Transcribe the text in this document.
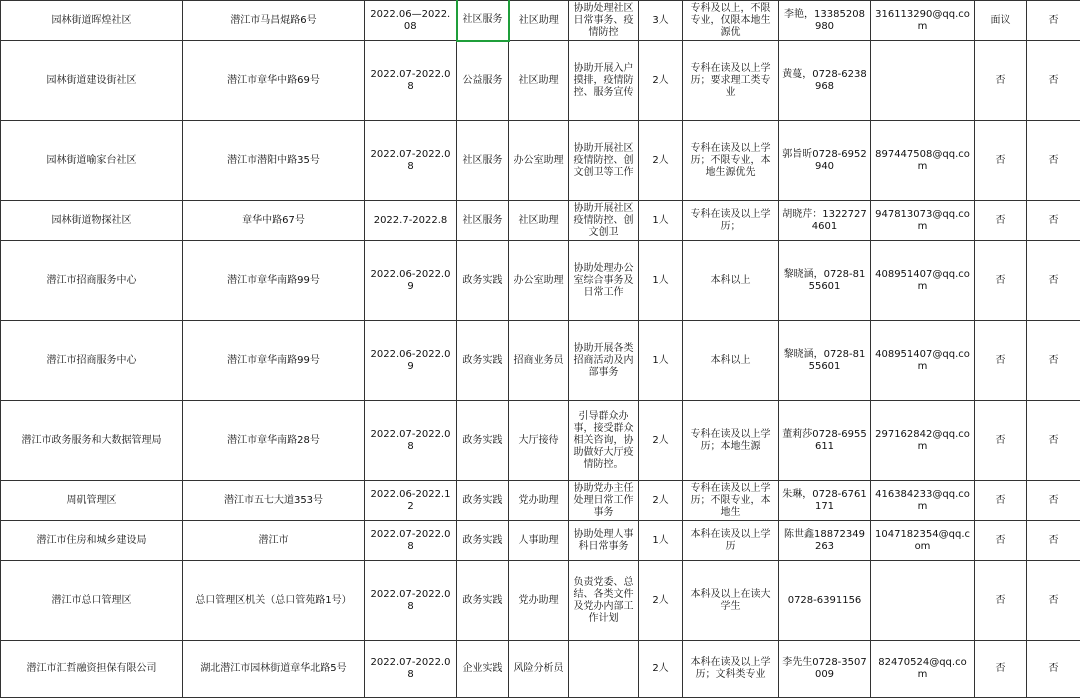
园林街道晖煌社区	潜江市马昌焜路6号	2022.06—2022.08	社区服务	社区助理	协助处理社区日常事务、疫情防控	3人	专科及以上，不限专业，仅限本地生源优	李艳，13385208980	316113290@qq.com	面议	否
园林街道建设街社区	潜江市章华中路69号	2022.07-2022.08	公益服务	社区助理	协助开展入户摸排，疫情防控、服务宣传	2人	专科在读及以上学历；要求理工类专业	黄蔓，0728-6238968		否	否
园林街道喻家台社区	潜江市潜阳中路35号	2022.07-2022.08	社区服务	办公室助理	协助开展社区疫情防控、创文创卫等工作	2人	专科在读及以上学历；不限专业，本地生源优先	郭旨昕0728-6952940	897447508@qq.com	否	否
园林街道物探社区	章华中路67号	2022.7-2022.8	社区服务	社区助理	协助开展社区疫情防控、创文创卫	1人	专科在读及以上学历；	胡晓芹：13227274601	947813073@qq.com	否	否
潜江市招商服务中心	潜江市章华南路99号	2022.06-2022.09	政务实践	办公室助理	协助处理办公室综合事务及日常工作	1人	本科以上	黎晓涵，0728-8155601	408951407@qq.com	否	否
潜江市招商服务中心	潜江市章华南路99号	2022.06-2022.09	政务实践	招商业务员	协助开展各类招商活动及内部事务	1人	本科以上	黎晓涵，0728-8155601	408951407@qq.com	否	否
潜江市政务服务和大数据管理局	潜江市章华南路28号	2022.07-2022.08	政务实践	大厅接待	引导群众办事，接受群众相关咨询，协助做好大厅疫情防控。	2人	专科在读及以上学历；本地生源	董莉莎0728-6955611	297162842@qq.com	否	否
周矶管理区	潜江市五七大道353号	2022.06-2022.12	政务实践	党办助理	协助党办主任处理日常工作事务	2人	专科在读及以上学历；不限专业，本地生	朱琳，0728-6761171	416384233@qq.com	否	否
潜江市住房和城乡建设局	潜江市	2022.07-2022.08	政务实践	人事助理	协助处理人事科日常事务	1人	本科在读及以上学历	陈世鑫18872349263	1047182354@qq.com	否	否
潜江市总口管理区	总口管理区机关（总口管苑路1号）	2022.07-2022.08	政务实践	党办助理	负责党委、总结、各类文件及党办内部工作计划	2人	本科及以上在读大学生	0728-6391156		否	否
潜江市汇哲融资担保有限公司	湖北潜江市园林街道章华北路5号	2022.07-2022.08	企业实践	风险分析员		2人	本科在读及以上学历；文科类专业	李先生0728-3507009	82470524@qq.com	否	否
